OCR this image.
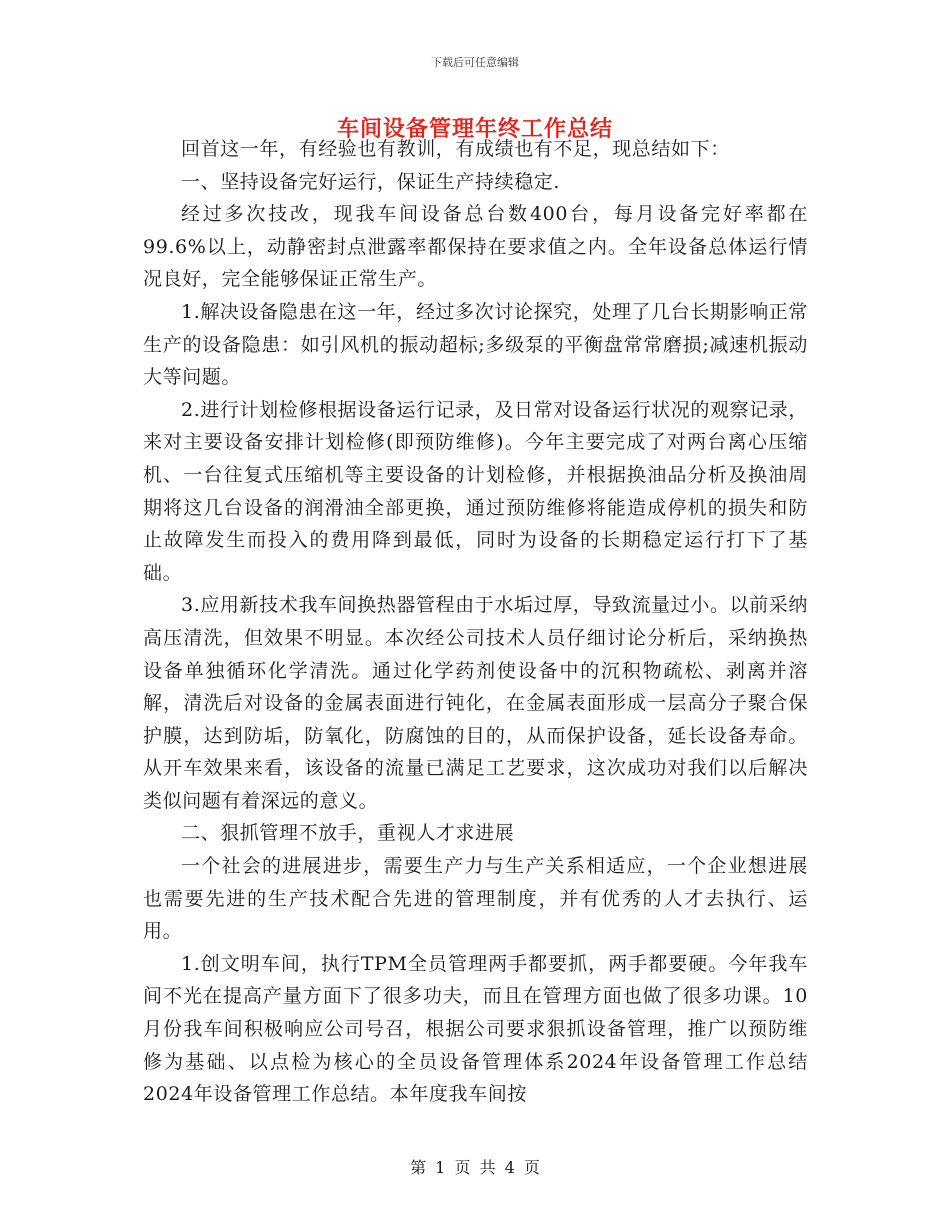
下载后可任意编辑
车间设备管理年终工作总结

回首这一年，有经验也有教训，有成绩也有不足，现总结如下：

一、坚持设备完好运行，保证生产持续稳定.

经过多次技改，现我车间设备总台数400台，每月设备完好率都在99.6%以上，动静密封点泄露率都保持在要求值之内。全年设备总体运行情况良好，完全能够保证正常生产。

1.解决设备隐患在这一年，经过多次讨论探究，处理了几台长期影响正常生产的设备隐患：如引风机的振动超标;多级泵的平衡盘常常磨损;减速机振动大等问题。

2.进行计划检修根据设备运行记录，及日常对设备运行状况的观察记录，来对主要设备安排计划检修(即预防维修)。今年主要完成了对两台离心压缩机、一台往复式压缩机等主要设备的计划检修，并根据换油品分析及换油周期将这几台设备的润滑油全部更换，通过预防维修将能造成停机的损失和防止故障发生而投入的费用降到最低，同时为设备的长期稳定运行打下了基础。

3.应用新技术我车间换热器管程由于水垢过厚，导致流量过小。以前采纳高压清洗，但效果不明显。本次经公司技术人员仔细讨论分析后，采纳换热设备单独循环化学清洗。通过化学药剂使设备中的沉积物疏松、剥离并溶解，清洗后对设备的金属表面进行钝化，在金属表面形成一层高分子聚合保护膜，达到防垢，防氧化，防腐蚀的目的，从而保护设备，延长设备寿命。从开车效果来看，该设备的流量已满足工艺要求，这次成功对我们以后解决类似问题有着深远的意义。

二、狠抓管理不放手，重视人才求进展

一个社会的进展进步，需要生产力与生产关系相适应，一个企业想进展也需要先进的生产技术配合先进的管理制度，并有优秀的人才去执行、运用。

1.创文明车间，执行TPM全员管理两手都要抓，两手都要硬。今年我车间不光在提高产量方面下了很多功夫，而且在管理方面也做了很多功课。10月份我车间积极响应公司号召，根据公司要求狠抓设备管理，推广以预防维修为基础、以点检为核心的全员设备管理体系2024年设备管理工作总结2024年设备管理工作总结。本年度我车间按

第 1 页 共 4 页
